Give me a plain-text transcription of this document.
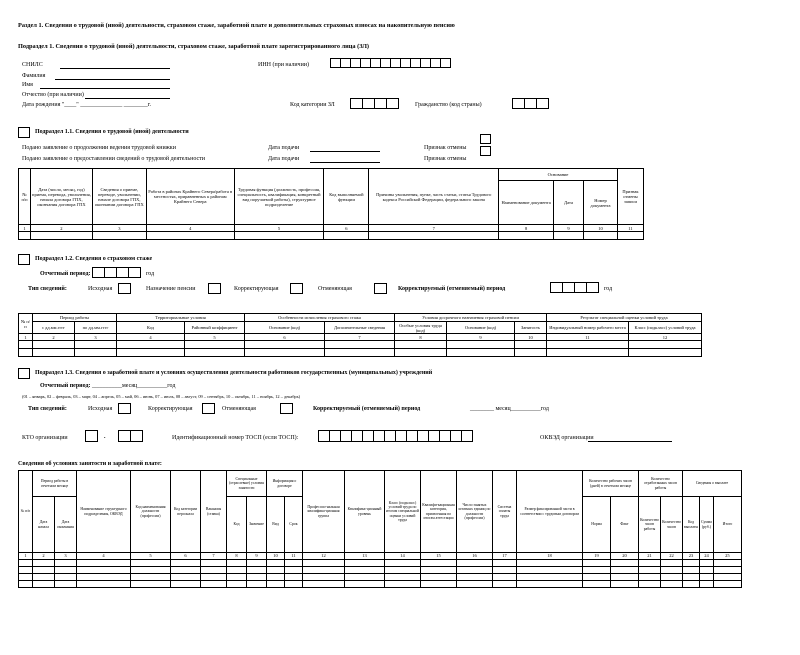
Раздел 1. Сведения о трудовой (иной) деятельности, страховом стаже, заработной плате и дополнительных страховых взносах на накопительную пенсию
Подраздел 1. Сведения о трудовой (иной) деятельности, страховом стаже, заработной плате зарегистрированного лица (ЗЛ)
СНИЛС
Фамилия
Имя
Отчество (при наличии)
Дата рождения "____" ______________ ________г.
ИНН (при наличии)
Код категории ЗЛ	Гражданство (код страны)
Подраздел 1.1. Сведения о трудовой (иной) деятельности
Подано заявление о продолжении ведения трудовой книжки	Дата подачи	Признак отмены
Подано заявление о предоставлении сведений о трудовой деятельности	Дата подачи	Признак отмены
№ п/п	Дата (число, месяц, год) приема, перевода, увольнения, начала договора ГПХ, окончания договора ГПХ	Сведения о приеме, переводе, увольнении, начале договора ГПХ, окончании договора ГПХ	Работа в районах Крайнего Севера/работа в местностях, приравненных к районам Крайнего Севера	Трудовая функция (должность, профессия, специальность, квалификация, конкретный вид поручаемой работы), структурное подразделение	Код выполняемой функции	Причины увольнения, пункт, часть статьи, статья Трудового кодекса Российской Федерации, федерального закона	Основание			Признак отмены записи
							Наименование документа	Дата	Номер документа	
1	2	3	4	5	6	7	8	9	10	11

Подраздел 1.2. Сведения о страховом стаже
Отчетный период:	год
Тип сведений:	Исходная	Назначение пенсии	Корректирующая	Отменяющая	Корректируемый (отменяемый) период	год
№ п/п	Период работы		Территориальные условия		Особенности исчисления страхового стажа		Условия досрочного назначения страховой пенсии			Результат специальной оценки условий труда	
	с дд.мм.гггг	по дд.мм.гггг	Код	Районный коэффициент	Основание (код)	Дополнительные сведения	Особые условия труда (код)	Основание (код)	Занятость	Индивидуальный номер рабочего места	Класс (подкласс) условий труда
1	2	3	4	5	6	7	8	9	10	11	12

Подраздел 1.3. Сведения о заработной плате и условиях осуществления деятельности работников государственных (муниципальных) учреждений
Отчетный период: __________месяц__________год
(01 – январь, 02 – февраль, 03 – март, 04 – апрель, 05 – май, 06 – июнь, 07 – июль, 08 – август, 09 – сентябрь, 10 – октябрь, 11 – ноябрь, 12 – декабрь)
Тип сведений:	Исходная	Корректирующая	Отменяющая	Корректируемый (отменяемый) период	________ месяц__________год
КТО организации	.	Идентификационный номер ТОСП (если ТОСП):	ОКВЭД организации
Сведения об условиях занятости и заработной плате:
№ п/п	Период работы в отчетном месяце		Наименование структурного подразделения, ОКВЭД	Код наименования должности (профессии)	Код категории персонала	Вакансия (ставка)	Специальные (отраслевые) условия занятости		Информация о договоре		Профессио-нальная квалифика-ционная группа	Квалифика-ционный уровень	Класс (подкласс) условий труда по итогам специальной оценки условий труда	Квалифи-кационная категория, присвоенная по итогам аттестации	Число занятых штатных единиц по должности (профессии)	Система оплаты труда	Размер фиксированной части в соответствии с трудовым договором	Количество рабочих часов (дней) в отчетном месяце		Количество отработанных часов работы		Сведения о выплате		
	Дата начала	Дата окончания					Код	Значение	Вид	Срок								Норма	Факт	Количество часов работы	Количество часов	Код выплаты	Сумма (руб.)	Итого
1	2	3	4	5	6	7	8	9	10	11	12	13	14	15	16	17	18	19	20	21	22	23	24	25
